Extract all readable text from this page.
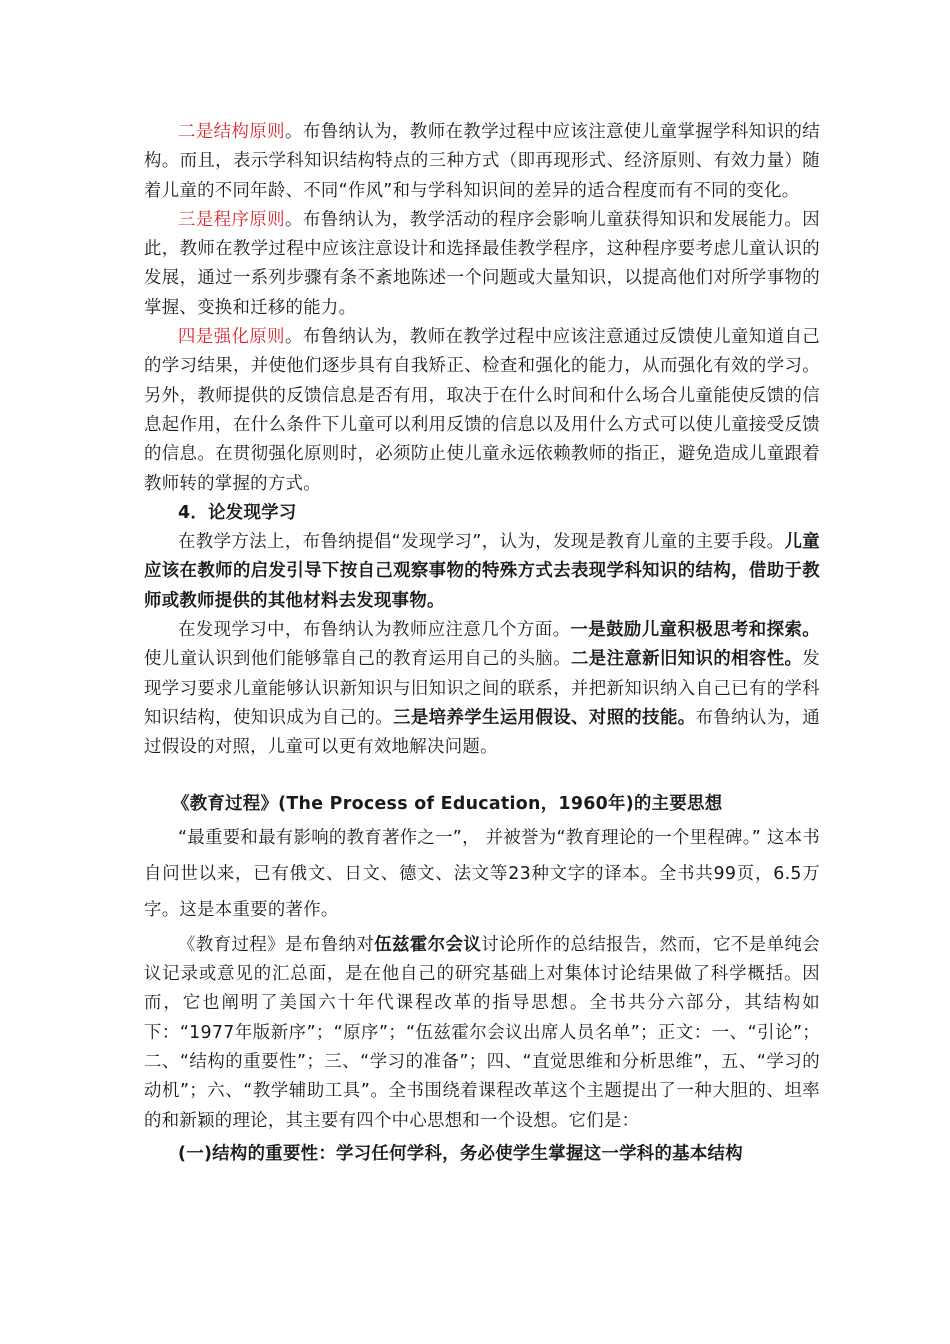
二是结构原则。布鲁纳认为，教师在教学过程中应该注意使儿童掌握学科知识的结构。而且，表示学科知识结构特点的三种方式（即再现形式、经济原则、有效力量）随着儿童的不同年龄、不同“作风”和与学科知识间的差异的适合程度而有不同的变化。

三是程序原则。布鲁纳认为，教学活动的程序会影响儿童获得知识和发展能力。因此，教师在教学过程中应该注意设计和选择最佳教学程序，这种程序要考虑儿童认识的发展，通过一系列步骤有条不紊地陈述一个问题或大量知识，以提高他们对所学事物的掌握、变换和迁移的能力。

四是强化原则。布鲁纳认为，教师在教学过程中应该注意通过反馈使儿童知道自己的学习结果，并使他们逐步具有自我矫正、检查和强化的能力，从而强化有效的学习。另外，教师提供的反馈信息是否有用，取决于在什么时间和什么场合儿童能使反馈的信息起作用，在什么条件下儿童可以利用反馈的信息以及用什么方式可以使儿童接受反馈的信息。在贯彻强化原则时，必须防止使儿童永远依赖教师的指正，避免造成儿童跟着教师转的掌握的方式。

4．论发现学习

在教学方法上，布鲁纳提倡“发现学习”，认为，发现是教育儿童的主要手段。儿童应该在教师的启发引导下按自己观察事物的特殊方式去表现学科知识的结构，借助于教师或教师提供的其他材料去发现事物。

在发现学习中，布鲁纳认为教师应注意几个方面。一是鼓励儿童积极思考和探索。使儿童认识到他们能够靠自己的教育运用自己的头脑。二是注意新旧知识的相容性。发现学习要求儿童能够认识新知识与旧知识之间的联系，并把新知识纳入自己已有的学科知识结构，使知识成为自己的。三是培养学生运用假设、对照的技能。布鲁纳认为，通过假设的对照，儿童可以更有效地解决问题。

《教育过程》(The Process of Education，1960年)的主要思想

“最重要和最有影响的教育著作之一”， 并被誉为“教育理论的一个里程碑。” 这本书自问世以来，已有俄文、日文、德文、法文等23种文字的译本。全书共99页，6.5万字。这是本重要的著作。

《教育过程》是布鲁纳对伍兹霍尔会议讨论所作的总结报告，然而，它不是单纯会议记录或意见的汇总面，是在他自己的研究基础上对集体讨论结果做了科学概括。因而，它也阐明了美国六十年代课程改革的指导思想。全书共分六部分，其结构如下：“1977年版新序”；“原序”；“伍兹霍尔会议出席人员名单”；正文：一、“引论”；二、“结构的重要性”；三、“学习的准备”；四、“直觉思维和分析思维”，五、“学习的动机”；六、“教学辅助工具”。全书围绕着课程改革这个主题提出了一种大胆的、坦率的和新颖的理论，其主要有四个中心思想和一个设想。它们是：

(一)结构的重要性：学习任何学科，务必使学生掌握这一学科的基本结构
